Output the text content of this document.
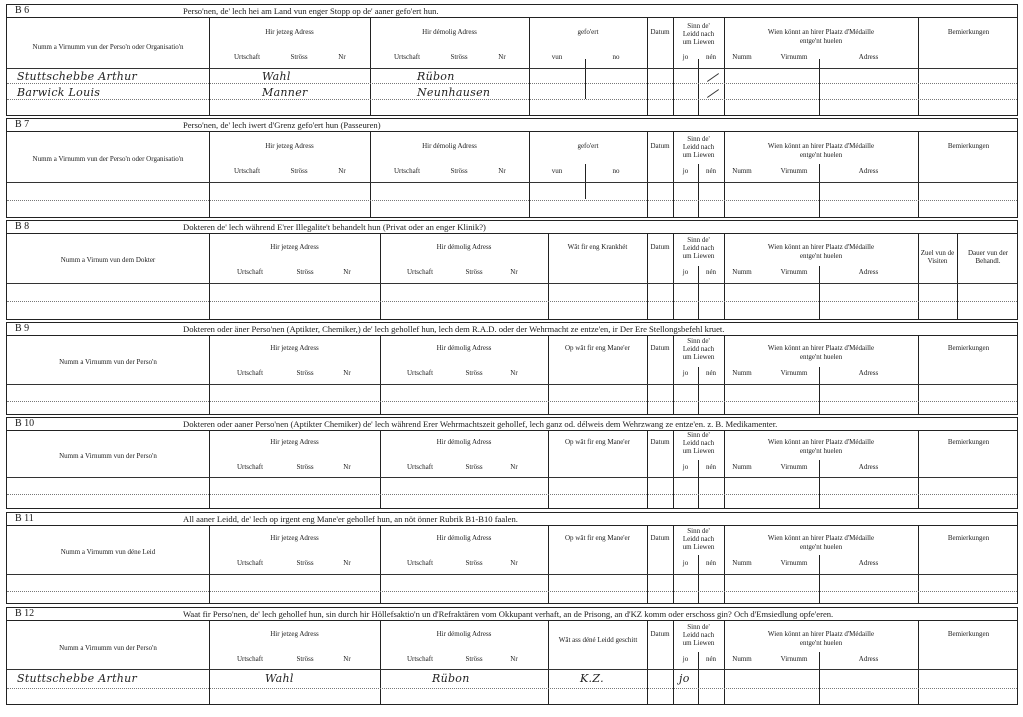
B 6	Perso'nen, de' lech hei am Land vun enger Stopp op de' aaner gefo'ert hun.
Numm a Virnumm vun der Perso'n oder Organisatio'n
Hir jetzeg Adress
Urtschaft	Ströss	Nr
Hir démolig Adress
Urtschaft	Ströss	Nr
gefo'ert
vun	no
Datum
Sinn de'
Leidd nach
um Liewen
jo	nén
Wien könnt an hirer Plaatz d'Médaille
entge'nt huelen
Numm	Virnumm	Adress
Bemierkungen
Stuttschebbe Arthur	Wahl	Rübon
Barwick Louis	Manner	Neunhausen
B 7	Perso'nen, de' lech iwert d'Grenz gefo'ert hun (Passeuren)
Numm a Virnumm vun der Perso'n oder Organisatio'n
Hir jetzeg Adress
Urtschaft	Ströss	Nr
Hir démolig Adress
Urtschaft	Ströss	Nr
gefo'ert
vun	no
Datum
Sinn de'
Leidd nach
um Liewen
jo	nén
Wien könnt an hirer Plaatz d'Médaille
entge'nt huelen
Numm	Virnumm	Adress
Bemierkungen
B 8	Dokteren de' lech während E'rer Illegalite't behandelt hun (Privat oder an enger Klinik?)
Numm a Virnum vun dem Dokter
Hir jetzeg Adress
Urtschaft	Ströss	Nr
Hir démolig Adress
Urtschaft	Ströss	Nr
Wât fir eng Krankhét	Datum
Sinn de'
Leidd nach
um Liewen
jo	nén
Wien könnt an hirer Plaatz d'Médaille
entge'nt huelen
Numm	Virnumm	Adress
Zuel vun de Visiten
Dauer vun der Behandl.
B 9	Dokteren oder äner Perso'nen (Aptikter, Chemiker,) de' lech gehollef hun, lech dem R.A.D. oder der Wehrmacht ze entze'en, ir Der Ere Stellongsbefehl kruet.
Numm a Virnumm vun der Perso'n
Hir jetzeg Adress
Urtschaft	Ströss	Nr
Hir démolig Adress
Urtschaft	Ströss	Nr
Op wât fir eng Mane'er	Datum
Sinn de'
Leidd nach
um Liewen
jo	nén
Wien könnt an hirer Plaatz d'Médaille
entge'nt huelen
Numm	Virnumm	Adress
Bemierkungen
B 10	Dokteren oder aaner Perso'nen (Aptikter Chemiker) de' lech während Erer Wehrmachtszeit gehollef, lech ganz od. délweis dem Wehrzwang ze entze'en. z. B. Medikamenter.
Numm a Virnumm vun der Perso'n
Hir jetzeg Adress
Urtschaft	Ströss	Nr
Hir démolig Adress
Urtschaft	Ströss	Nr
Op wât fir eng Mane'er	Datum
Sinn de'
Leidd nach
um Liewen
jo	nén
Wien könnt an hirer Plaatz d'Médaille
entge'nt huelen
Numm	Virnumm	Adress
Bemierkungen
B 11	All aaner Leidd, de' lech op irgent eng Mane'er gehollef hun, an nöt önner Rubrik B1-B10 faalen.
Numm a Virnumm vun déne Leid
Hir jetzeg Adress
Urtschaft	Ströss	Nr
Hir démolig Adress
Urtschaft	Ströss	Nr
Op wât fir eng Mane'er	Datum
Sinn de'
Leidd nach
um Liewen
jo	nén
Wien könnt an hirer Plaatz d'Médaille
entge'nt huelen
Numm	Virnumm	Adress
Bemierkungen
B 12	Waat fir Perso'nen, de' lech gehollef hun, sin durch hir Höllefsaktio'n un d'Refraktären vom Okkupant verhaft, an de Prisong, an d'KZ komm oder erschoss gin? Och d'Emsiedlung opfe'eren.
Numm a Virnumm vun der Perso'n
Hir jetzeg Adress
Urtschaft	Ströss	Nr
Hir démolig Adress
Urtschaft	Ströss	Nr
Wât ass déné Leidd geschitt
Datum
Sinn de'
Leidd nach
um Liewen
jo	nén
Wien könnt an hirer Plaatz d'Médaille
entge'nt huelen
Numm	Virnumm	Adress
Bemierkungen
Stuttschebbe Arthur	Wahl	Rübon	K.Z.	jo
